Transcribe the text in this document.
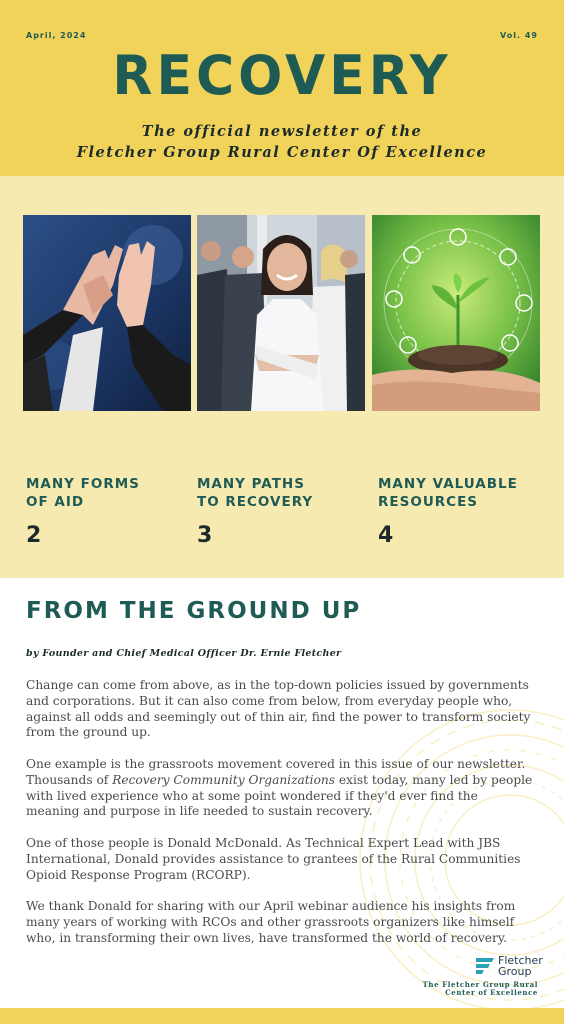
April, 2024	Vol. 49
RECOVERY
The official newsletter of the
Fletcher Group Rural Center Of Excellence
MANY FORMS
OF AID
2
MANY PATHS
TO RECOVERY
3
MANY VALUABLE
RESOURCES
4
FROM THE GROUND UP
by Founder and Chief Medical Officer Dr. Ernie Fletcher

Change can come from above, as in the top-down policies issued by governments and corporations. But it can also come from below, from everyday people who, against all odds and seemingly out of thin air, find the power to transform society from the ground up.

One example is the grassroots movement covered in this issue of our newsletter. Thousands of Recovery Community Organizations exist today, many led by people with lived experience who at some point wondered if they'd ever find the meaning and purpose in life needed to sustain recovery.

One of those people is Donald McDonald. As Technical Expert Lead with JBS International, Donald provides assistance to grantees of the Rural Communities Opioid Response Program (RCORP).

We thank Donald for sharing with our April webinar audience his insights from many years of working with RCOs and other grassroots organizers like himself who, in transforming their own lives, have transformed the world of recovery.

Fletcher
Group
The Fletcher Group Rural
Center of Excellence
